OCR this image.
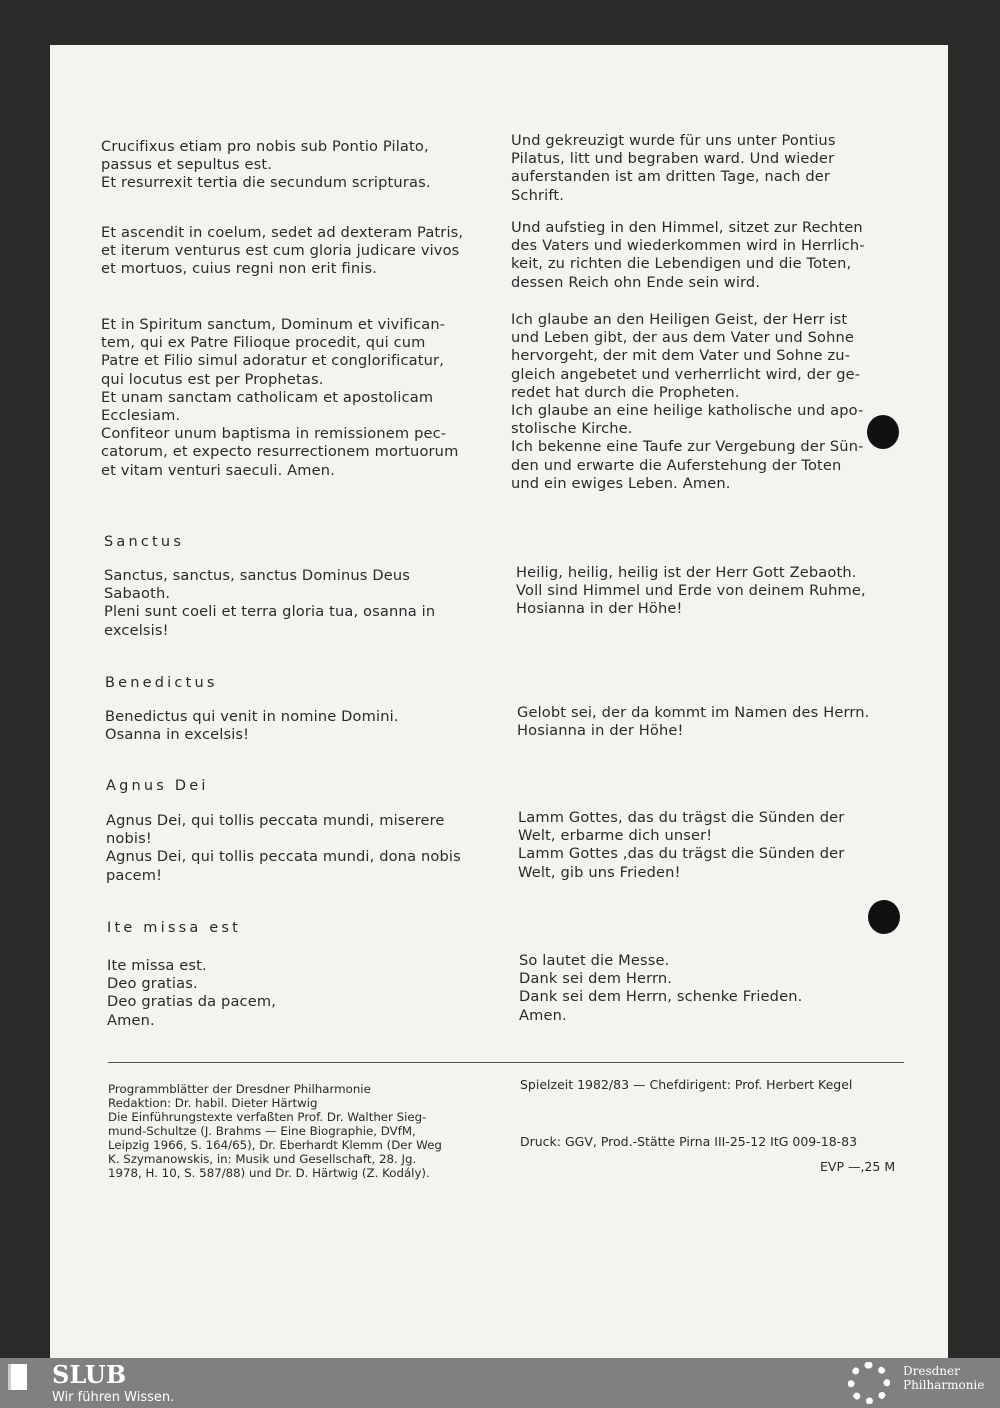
Crucifixus etiam pro nobis sub Pontio Pilato,
passus et sepultus est.
Et resurrexit tertia die secundum scripturas.
Und gekreuzigt wurde für uns unter Pontius
Pilatus, litt und begraben ward. Und wieder
auferstanden ist am dritten Tage, nach der
Schrift.
Et ascendit in coelum, sedet ad dexteram Patris,
et iterum venturus est cum gloria judicare vivos
et mortuos, cuius regni non erit finis.
Und aufstieg in den Himmel, sitzet zur Rechten
des Vaters und wiederkommen wird in Herrlich-
keit, zu richten die Lebendigen und die Toten,
dessen Reich ohn Ende sein wird.
Et in Spiritum sanctum, Dominum et vivifican-
tem, qui ex Patre Filioque procedit, qui cum
Patre et Filio simul adoratur et conglorificatur,
qui locutus est per Prophetas.
Et unam sanctam catholicam et apostolicam
Ecclesiam.
Confiteor unum baptisma in remissionem pec-
catorum, et expecto resurrectionem mortuorum
et vitam venturi saeculi. Amen.
Ich glaube an den Heiligen Geist, der Herr ist
und Leben gibt, der aus dem Vater und Sohne
hervorgeht, der mit dem Vater und Sohne zu-
gleich angebetet und verherrlicht wird, der ge-
redet hat durch die Propheten.
Ich glaube an eine heilige katholische und apo-
stolische Kirche.
Ich bekenne eine Taufe zur Vergebung der Sün-
den und erwarte die Auferstehung der Toten
und ein ewiges Leben. Amen.
Sanctus
Sanctus, sanctus, sanctus Dominus Deus
Sabaoth.
Pleni sunt coeli et terra gloria tua, osanna in
excelsis!
Heilig, heilig, heilig ist der Herr Gott Zebaoth.
Voll sind Himmel und Erde von deinem Ruhme,
Hosianna in der Höhe!
Benedictus
Benedictus qui venit in nomine Domini.
Osanna in excelsis!
Gelobt sei, der da kommt im Namen des Herrn.
Hosianna in der Höhe!
Agnus Dei
Agnus Dei, qui tollis peccata mundi, miserere
nobis!
Agnus Dei, qui tollis peccata mundi, dona nobis
pacem!
Lamm Gottes, das du trägst die Sünden der
Welt, erbarme dich unser!
Lamm Gottes ,das du trägst die Sünden der
Welt, gib uns Frieden!
Ite missa est
Ite missa est.
Deo gratias.
Deo gratias da pacem,
Amen.
So lautet die Messe.
Dank sei dem Herrn.
Dank sei dem Herrn, schenke Frieden.
Amen.
Programmblätter der Dresdner Philharmonie
Redaktion: Dr. habil. Dieter Härtwig
Die Einführungstexte verfaßten Prof. Dr. Walther Sieg-
mund-Schultze (J. Brahms — Eine Biographie, DVfM,
Leipzig 1966, S. 164/65), Dr. Eberhardt Klemm (Der Weg
K. Szymanowskis, in: Musik und Gesellschaft, 28. Jg.
1978, H. 10, S. 587/88) und Dr. D. Härtwig (Z. Kodály).
Spielzeit 1982/83 — Chefdirigent: Prof. Herbert Kegel
Druck: GGV, Prod.-Stätte Pirna III-25-12 ItG 009-18-83
EVP —,25 M
SLUB
Wir führen Wissen.
Dresdner
Philharmonie
